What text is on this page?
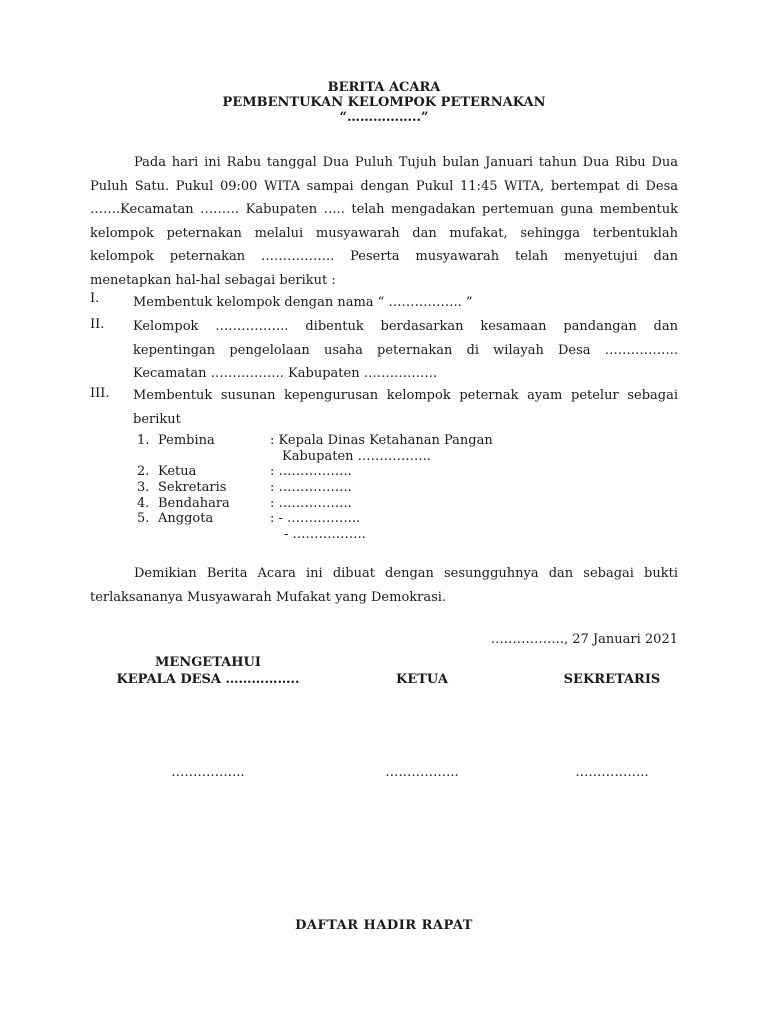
BERITA ACARA
PEMBENTUKAN KELOMPOK PETERNAKAN
“……………..”

Pada hari ini Rabu tanggal Dua Puluh Tujuh bulan Januari tahun Dua Ribu Dua Puluh Satu. Pukul 09:00 WITA sampai dengan Pukul 11:45 WITA, bertempat di Desa …….Kecamatan ……… Kabupaten ….. telah mengadakan pertemuan guna membentuk kelompok peternakan melalui musyawarah dan mufakat, sehingga terbentuklah kelompok peternakan …………….. Peserta musyawarah telah menyetujui dan menetapkan hal-hal sebagai berikut :

I.	Membentuk kelompok dengan nama “ …………….. ”
II. Kelompok …………….. dibentuk berdasarkan kesamaan pandangan dan kepentingan pengelolaan usaha peternakan di wilayah Desa …………….. Kecamatan …………….. Kabupaten ……………..
III. Membentuk susunan kepengurusan kelompok peternak ayam petelur sebagai berikut
1. Pembina	: Kepala Dinas Ketahanan Pangan
Kabupaten ……………..
2. Ketua	: ……………..
3. Sekretaris	: ……………..
4. Bendahara	: ……………..
5. Anggota	: - ……………..
- ……………..

Demikian Berita Acara ini dibuat dengan sesungguhnya dan sebagai bukti terlaksananya Musyawarah Mufakat yang Demokrasi.

…………….., 27 Januari 2021
MENGETAHUI
KEPALA DESA ……………..	KETUA	SEKRETARIS
……………..	……………..	……………..
DAFTAR HADIR RAPAT
